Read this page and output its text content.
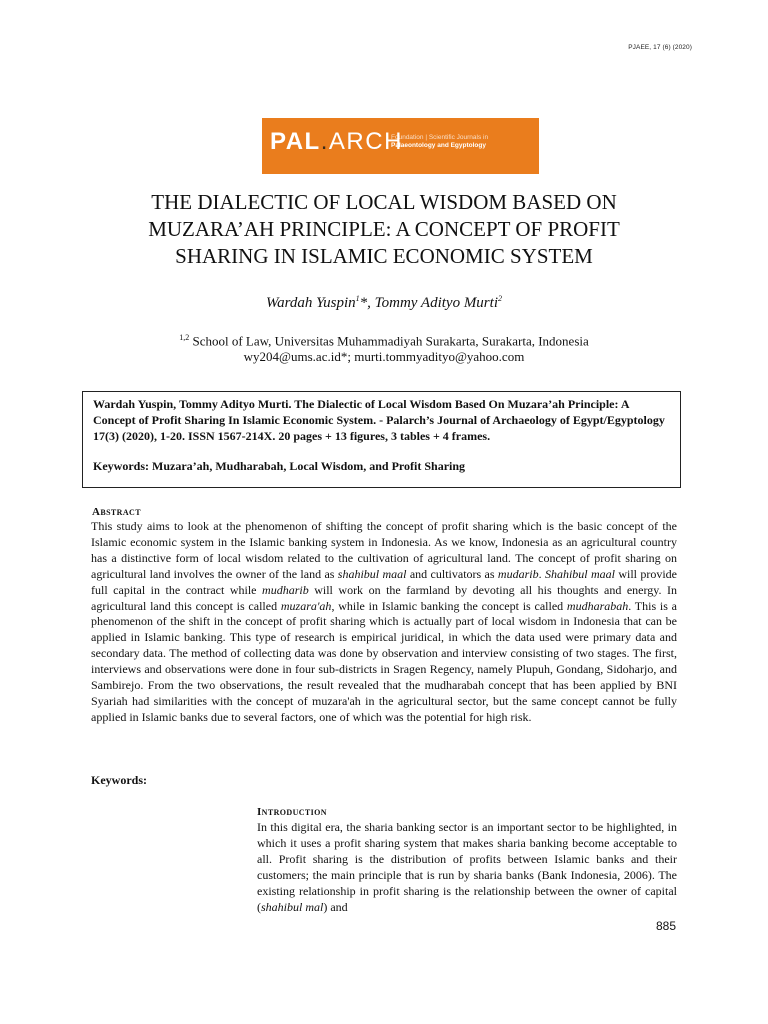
PJAEE, 17 (6) (2020)
PAL.ARCH
Foundation | Scientific Journals in
Palaeontology and Egyptology
THE DIALECTIC OF LOCAL WISDOM BASED ON
MUZARA’AH PRINCIPLE: A CONCEPT OF PROFIT
SHARING IN ISLAMIC ECONOMIC SYSTEM
Wardah Yuspin$^1$*, Tommy Adityo Murti$^2$
$^{1,2}$ School of Law, Universitas Muhammadiyah Surakarta, Surakarta, Indonesia
wy204@ums.ac.id*; murti.tommyadityo@yahoo.com
Wardah Yuspin, Tommy Adityo Murti. The Dialectic of Local Wisdom Based On Muzara’ah Principle: A Concept of Profit Sharing In Islamic Economic System. - Palarch’s Journal of Archaeology of Egypt/Egyptology 17(3) (2020), 1-20. ISSN 1567-214X. 20 pages + 13 figures, 3 tables + 4 frames.
Keywords: Muzara’ah, Mudharabah, Local Wisdom, and Profit Sharing
Abstract

This study aims to look at the phenomenon of shifting the concept of profit sharing which is the basic concept of the Islamic economic system in the Islamic banking system in Indonesia. As we know, Indonesia as an agricultural country has a distinctive form of local wisdom related to the cultivation of agricultural land. The concept of profit sharing on agricultural land involves the owner of the land as shahibul maal and cultivators as mudarib. Shahibul maal will provide full capital in the contract while mudharib will work on the farmland by devoting all his thoughts and energy. In agricultural land this concept is called muzara'ah, while in Islamic banking the concept is called mudharabah. This is a phenomenon of the shift in the concept of profit sharing which is actually part of local wisdom in Indonesia that can be applied in Islamic banking. This type of research is empirical juridical, in which the data used were primary data and secondary data. The method of collecting data was done by observation and interview consisting of two stages. The first, interviews and observations were done in four sub-districts in Sragen Regency, namely Plupuh, Gondang, Sidoharjo, and Sambirejo. From the two observations, the result revealed that the mudharabah concept that has been applied by BNI Syariah had similarities with the concept of muzara'ah in the agricultural sector, but the same concept cannot be fully applied in Islamic banks due to several factors, one of which was the potential for high risk.

Keywords:
Introduction

In this digital era, the sharia banking sector is an important sector to be highlighted, in which it uses a profit sharing system that makes sharia banking become acceptable to all. Profit sharing is the distribution of profits between Islamic banks and their customers; the main principle that is run by sharia banks (Bank Indonesia, 2006). The existing relationship in profit sharing is the relationship between the owner of capital (shahibul mal) and

885
